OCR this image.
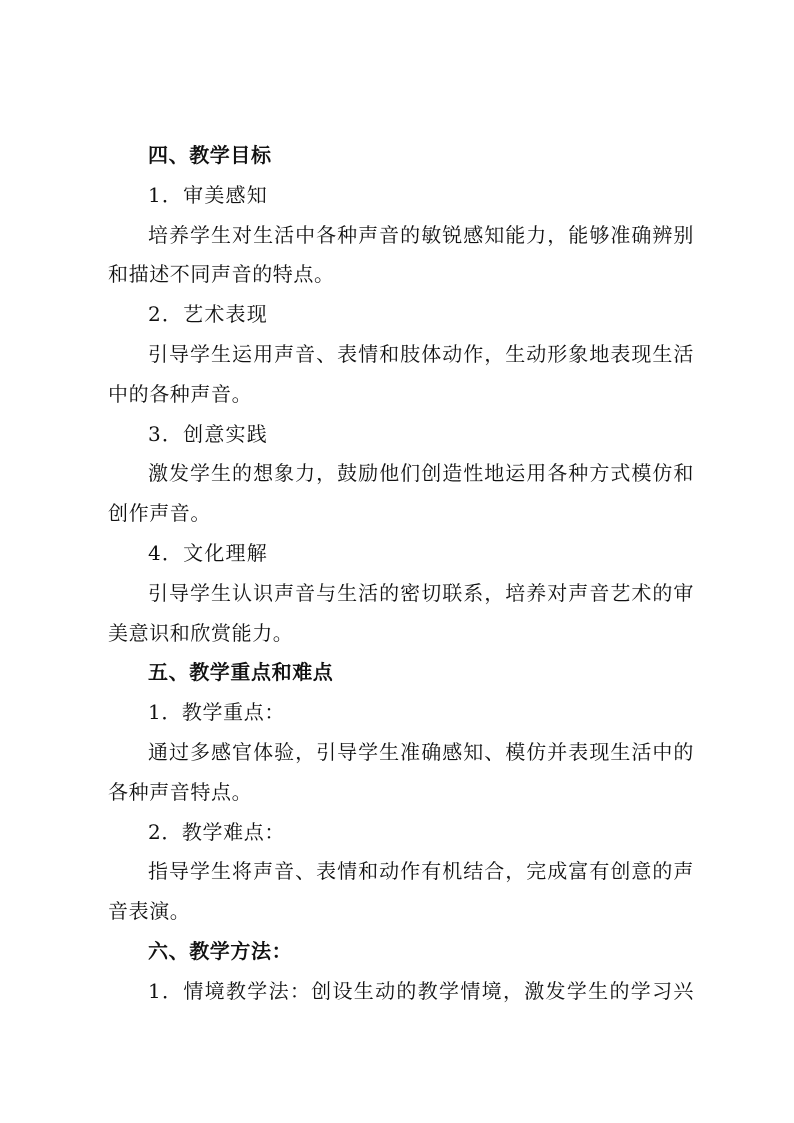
四、教学目标
1．审美感知
培养学生对生活中各种声音的敏锐感知能力，能够准确辨别
和描述不同声音的特点。
2．艺术表现
引导学生运用声音、表情和肢体动作，生动形象地表现生活
中的各种声音。
3．创意实践
激发学生的想象力，鼓励他们创造性地运用各种方式模仿和
创作声音。
4．文化理解
引导学生认识声音与生活的密切联系，培养对声音艺术的审
美意识和欣赏能力。
五、教学重点和难点
1．教学重点：
通过多感官体验，引导学生准确感知、模仿并表现生活中的
各种声音特点。
2．教学难点：
指导学生将声音、表情和动作有机结合，完成富有创意的声
音表演。
六、教学方法：
1．情境教学法：创设生动的教学情境，激发学生的学习兴
